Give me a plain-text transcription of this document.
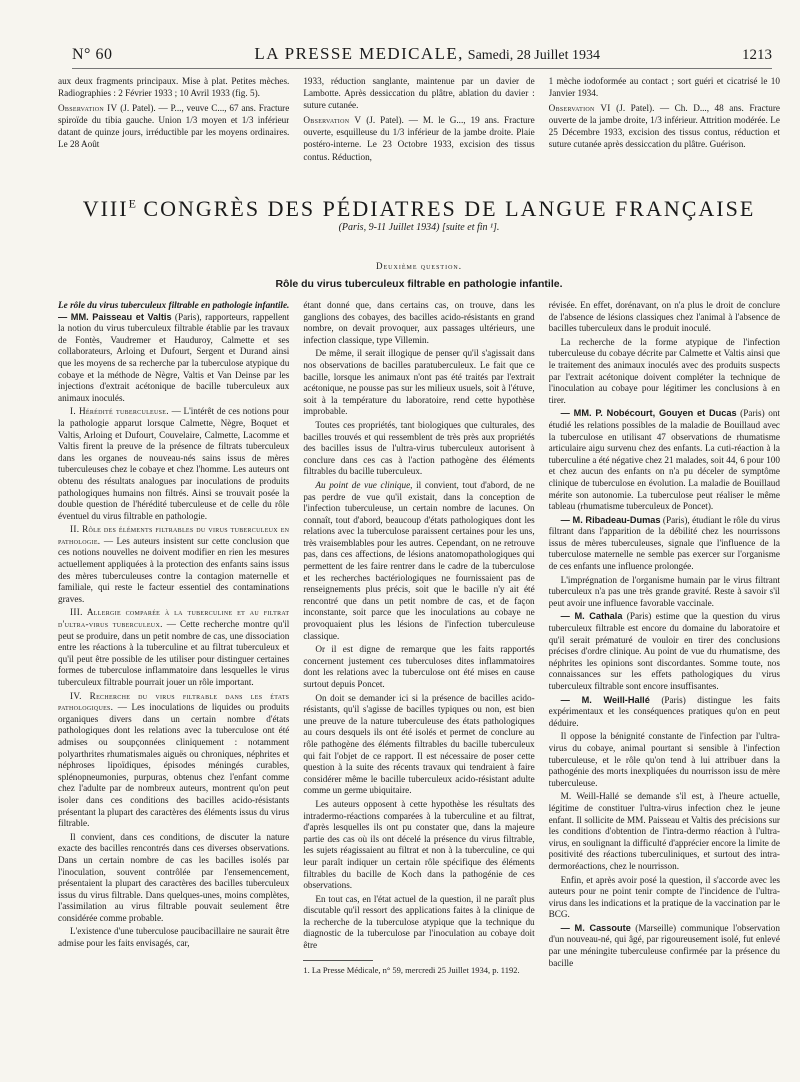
N° 60	LA PRESSE MEDICALE, Samedi, 28 Juillet 1934	1213

aux deux fragments principaux. Mise à plat. Petites mèches. Radiographies : 2 Février 1933 ; 10 Avril 1933 (fig. 5).

Observation IV (J. Patel). — P..., veuve C..., 67 ans. Fracture spiroïde du tibia gauche. Union 1/3 moyen et 1/3 inférieur datant de quinze jours, irréductible par les moyens ordinaires. Le 28 Août

1933, réduction sanglante, maintenue par un davier de Lambotte. Après dessiccation du plâtre, ablation du davier : suture cutanée.

Observation V (J. Patel). — M. le G..., 19 ans. Fracture ouverte, esquilleuse du 1/3 inférieur de la jambe droite. Plaie postéro-interne. Le 23 Octobre 1933, excision des tissus contus. Réduction,

1 mèche iodoformée au contact ; sort guéri et cicatrisé le 10 Janvier 1934.

Observation VI (J. Patel). — Ch. D..., 48 ans. Fracture ouverte de la jambe droite, 1/3 inférieur. Attrition modérée. Le 25 Décembre 1933, excision des tissus contus, réduction et suture cutanée après dessiccation du plâtre. Guérison.

$VIII^E$ CONGRÈS DES PÉDIATRES DE LANGUE FRANÇAISE
(Paris, 9-11 Juillet 1934) [suite et fin ¹].
Deuxième question.
Rôle du virus tuberculeux filtrable en pathologie infantile.

Le rôle du virus tuberculeux filtrable en pathologie infantile. — MM. Paisseau et Valtis (Paris), rapporteurs, rappellent la notion du virus tuberculeux filtrable établie par les travaux de Fontès, Vaudremer et Hauduroy, Calmette et ses collaborateurs, Arloing et Dufourt, Sergent et Durand ainsi que les moyens de sa recherche par la tuberculose atypique du cobaye et la méthode de Nègre, Valtis et Van Deinse par les injections d'extrait acétonique de bacille tuberculeux aux animaux inoculés.

I. Hérédité tuberculeuse. — L'intérêt de ces notions pour la pathologie apparut lorsque Calmette, Nègre, Boquet et Valtis, Arloing et Dufourt, Couvelaire, Calmette, Lacomme et Valtis firent la preuve de la présence de filtrats tuberculeux dans les organes de nouveau-nés sains issus de mères tuberculeuses chez le cobaye et chez l'homme. Les auteurs ont obtenu des résultats analogues par inoculations de produits pathologiques humains non filtrés. Ainsi se trouvait posée la double question de l'hérédité tuberculeuse et de celle du rôle éventuel du virus filtrable en pathologie.

II. Rôle des éléments filtrables du virus tuberculeux en pathologie. — Les auteurs insistent sur cette conclusion que ces notions nouvelles ne doivent modifier en rien les mesures actuellement appliquées à la protection des enfants sains issus des mères tuberculeuses contre la contagion maternelle et familiale, qui reste le facteur essentiel des contaminations graves.

III. Allergie comparée à la tuberculine et au filtrat d'ultra-virus tuberculeux. — Cette recherche montre qu'il peut se produire, dans un petit nombre de cas, une dissociation entre les réactions à la tuberculine et au filtrat tuberculeux et qu'il peut être possible de les utiliser pour distinguer certaines formes de tuberculose inflammatoire dans lesquelles le virus tuberculeux filtrable pourrait jouer un rôle important.

IV. Recherche du virus filtrable dans les états pathologiques. — Les inoculations de liquides ou produits organiques divers dans un certain nombre d'états pathologiques dont les relations avec la tuberculose ont été admises ou soupçonnées cliniquement : notamment polyarthrites rhumatismales aiguës ou chroniques, néphrites et néphroses lipoïdiques, épisodes méningés curables, splénopneumonies, purpuras, obtenus chez l'enfant comme chez l'adulte par de nombreux auteurs, montrent qu'on peut isoler dans ces conditions des bacilles acido-résistants présentant la plupart des caractères des éléments issus du virus filtrable.

Il convient, dans ces conditions, de discuter la nature exacte des bacilles rencontrés dans ces diverses observations. Dans un certain nombre de cas les bacilles isolés par l'inoculation, souvent contrôlée par l'ensemencement, présentaient la plupart des caractères des bacilles tuberculeux issus du virus filtrable. Dans quelques-unes, moins complètes, l'assimilation au virus filtrable pouvait seulement être considérée comme probable.

L'existence d'une tuberculose paucibacillaire ne saurait être admise pour les faits envisagés, car,

étant donné que, dans certains cas, on trouve, dans les ganglions des cobayes, des bacilles acido-résistants en grand nombre, on devait provoquer, aux passages ultérieurs, une infection classique, type Villemin.

De même, il serait illogique de penser qu'il s'agissait dans nos observations de bacilles paratuberculeux. Le fait que ce bacille, lorsque les animaux n'ont pas été traités par l'extrait acétonique, ne pousse pas sur les milieux usuels, soit à l'étuve, soit à la température du laboratoire, rend cette hypothèse improbable.

Toutes ces propriétés, tant biologiques que culturales, des bacilles trouvés et qui ressemblent de très près aux propriétés des bacilles issus de l'ultra-virus tuberculeux autorisent à conclure dans ces cas à l'action pathogène des éléments filtrables du bacille tuberculeux.

Au point de vue clinique, il convient, tout d'abord, de ne pas perdre de vue qu'il existait, dans la conception de l'infection tuberculeuse, un certain nombre de lacunes. On connaît, tout d'abord, beaucoup d'états pathologiques dont les relations avec la tuberculose paraissent certaines pour les uns, très vraisemblables pour les autres. Cependant, on ne retrouve pas, dans ces affections, de lésions anatomopathologiques qui permettent de les faire rentrer dans le cadre de la tuberculose et les recherches bactériologiques ne fournissaient pas de renseignements plus précis, soit que le bacille n'y ait été rencontré que dans un petit nombre de cas, et de façon inconstante, soit parce que les inoculations au cobaye ne provoquaient plus les lésions de l'infection tuberculeuse classique.

Or il est digne de remarque que les faits rapportés concernent justement ces tuberculoses dites inflammatoires dont les relations avec la tuberculose ont été mises en cause surtout depuis Poncet.

On doit se demander ici si la présence de bacilles acido-résistants, qu'il s'agisse de bacilles typiques ou non, est bien une preuve de la nature tuberculeuse des états pathologiques au cours desquels ils ont été isolés et permet de conclure au rôle pathogène des éléments filtrables du bacille tuberculeux qui fait l'objet de ce rapport. Il est nécessaire de poser cette question à la suite des récents travaux qui tendraient à faire considérer même le bacille tuberculeux acido-résistant adulte comme un germe ubiquitaire.

Les auteurs opposent à cette hypothèse les résultats des intradermo-réactions comparées à la tuberculine et au filtrat, d'après lesquelles ils ont pu constater que, dans la majeure partie des cas où ils ont décelé la présence du virus filtrable, les sujets réagissaient au filtrat et non à la tuberculine, ce qui leur paraît indiquer un certain rôle spécifique des éléments filtrables du bacille de Koch dans la pathogénie de ces observations.

En tout cas, en l'état actuel de la question, il ne paraît plus discutable qu'il ressort des applications faites à la clinique de la recherche de la tuberculose atypique que la technique du diagnostic de la tuberculose par l'inoculation au cobaye doit être

1. La Presse Médicale, n° 59, mercredi 25 Juillet 1934, p. 1192.

révisée. En effet, dorénavant, on n'a plus le droit de conclure de l'absence de lésions classiques chez l'animal à l'absence de bacilles tuberculeux dans le produit inoculé.

La recherche de la forme atypique de l'infection tuberculeuse du cobaye décrite par Calmette et Valtis ainsi que le traitement des animaux inoculés avec des produits suspects par l'extrait acétonique doivent compléter la technique de l'inoculation au cobaye pour légitimer les conclusions à en tirer.

— MM. P. Nobécourt, Gouyen et Ducas (Paris) ont étudié les relations possibles de la maladie de Bouillaud avec la tuberculose en utilisant 47 observations de rhumatisme articulaire aigu survenu chez des enfants. La cuti-réaction à la tuberculine a été négative chez 21 malades, soit 44, 6 pour 100 et chez aucun des enfants on n'a pu déceler de symptôme clinique de tuberculose en évolution. La maladie de Bouillaud mérite son autonomie. La tuberculose peut réaliser le même tableau (rhumatisme tuberculeux de Poncet).

— M. Ribadeau-Dumas (Paris), étudiant le rôle du virus filtrant dans l'apparition de la débilité chez les nourrissons issus de mères tuberculeuses, signale que l'influence de la tuberculose maternelle ne semble pas exercer sur l'organisme de ces enfants une influence prolongée.

L'imprégnation de l'organisme humain par le virus filtrant tuberculeux n'a pas une très grande gravité. Reste à savoir s'il peut avoir une influence favorable vaccinale.

— M. Cathala (Paris) estime que la question du virus tuberculeux filtrable est encore du domaine du laboratoire et qu'il serait prématuré de vouloir en tirer des conclusions précises d'ordre clinique. Au point de vue du rhumatisme, des néphrites les opinions sont discordantes. Somme toute, nos connaissances sur les effets pathologiques du virus tuberculeux filtrable sont encore insuffisantes.

— M. Weill-Hallé (Paris) distingue les faits expérimentaux et les conséquences pratiques qu'on en peut déduire.

Il oppose la bénignité constante de l'infection par l'ultra-virus du cobaye, animal pourtant si sensible à l'infection tuberculeuse, et le rôle qu'on tend à lui attribuer dans la pathogénie des morts inexpliquées du nourrisson issu de mère tuberculeuse.

M. Weill-Hallé se demande s'il est, à l'heure actuelle, légitime de constituer l'ultra-virus infection chez le jeune enfant. Il sollicite de MM. Paisseau et Valtis des précisions sur les conditions d'obtention de l'intra-dermo réaction à l'ultra-virus, en soulignant la difficulté d'apprécier encore la limite de positivité des réactions tuberculiniques, et surtout des intra-dermoréactions, chez le nourrisson.

Enfin, et après avoir posé la question, il s'accorde avec les auteurs pour ne point tenir compte de l'incidence de l'ultra-virus dans les indications et la pratique de la vaccination par le BCG.

— M. Cassoute (Marseille) communique l'observation d'un nouveau-né, qui âgé, par rigoureusement isolé, fut enlevé par une méningite tuberculeuse confirmée par la présence du bacille
